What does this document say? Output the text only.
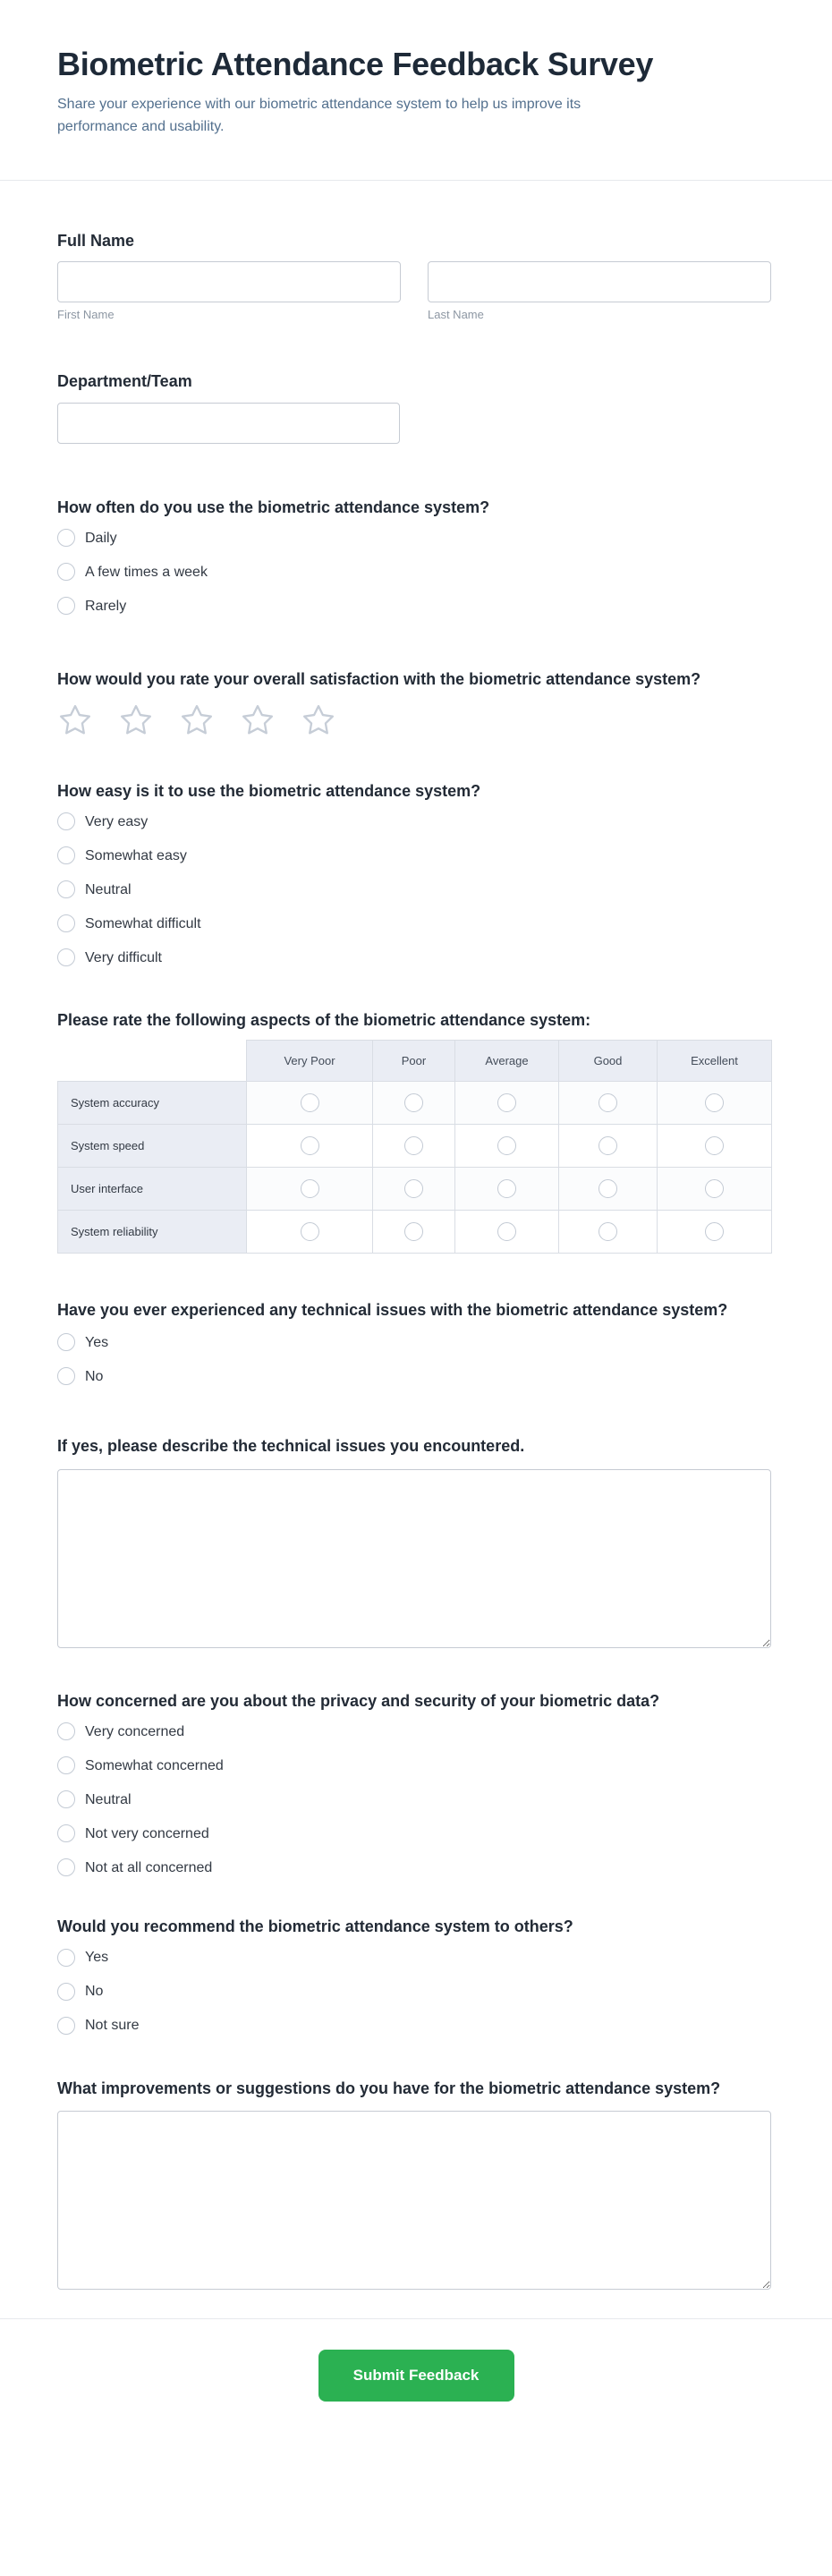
Biometric Attendance Feedback Survey

Share your experience with our biometric attendance system to help us improve its performance and usability.

Full Name
First Name	Last Name
Department/Team
How often do you use the biometric attendance system?
Daily
A few times a week
Rarely
How would you rate your overall satisfaction with the biometric attendance system?
How easy is it to use the biometric attendance system?
Very easy
Somewhat easy
Neutral
Somewhat difficult
Very difficult
Please rate the following aspects of the biometric attendance system:
	Very Poor	Poor	Average	Good	Excellent
System accuracy					
System speed					
User interface					
System reliability					
Have you ever experienced any technical issues with the biometric attendance system?
Yes
No
If yes, please describe the technical issues you encountered.
How concerned are you about the privacy and security of your biometric data?
Very concerned
Somewhat concerned
Neutral
Not very concerned
Not at all concerned
Would you recommend the biometric attendance system to others?
Yes
No
Not sure
What improvements or suggestions do you have for the biometric attendance system?
Submit Feedback
